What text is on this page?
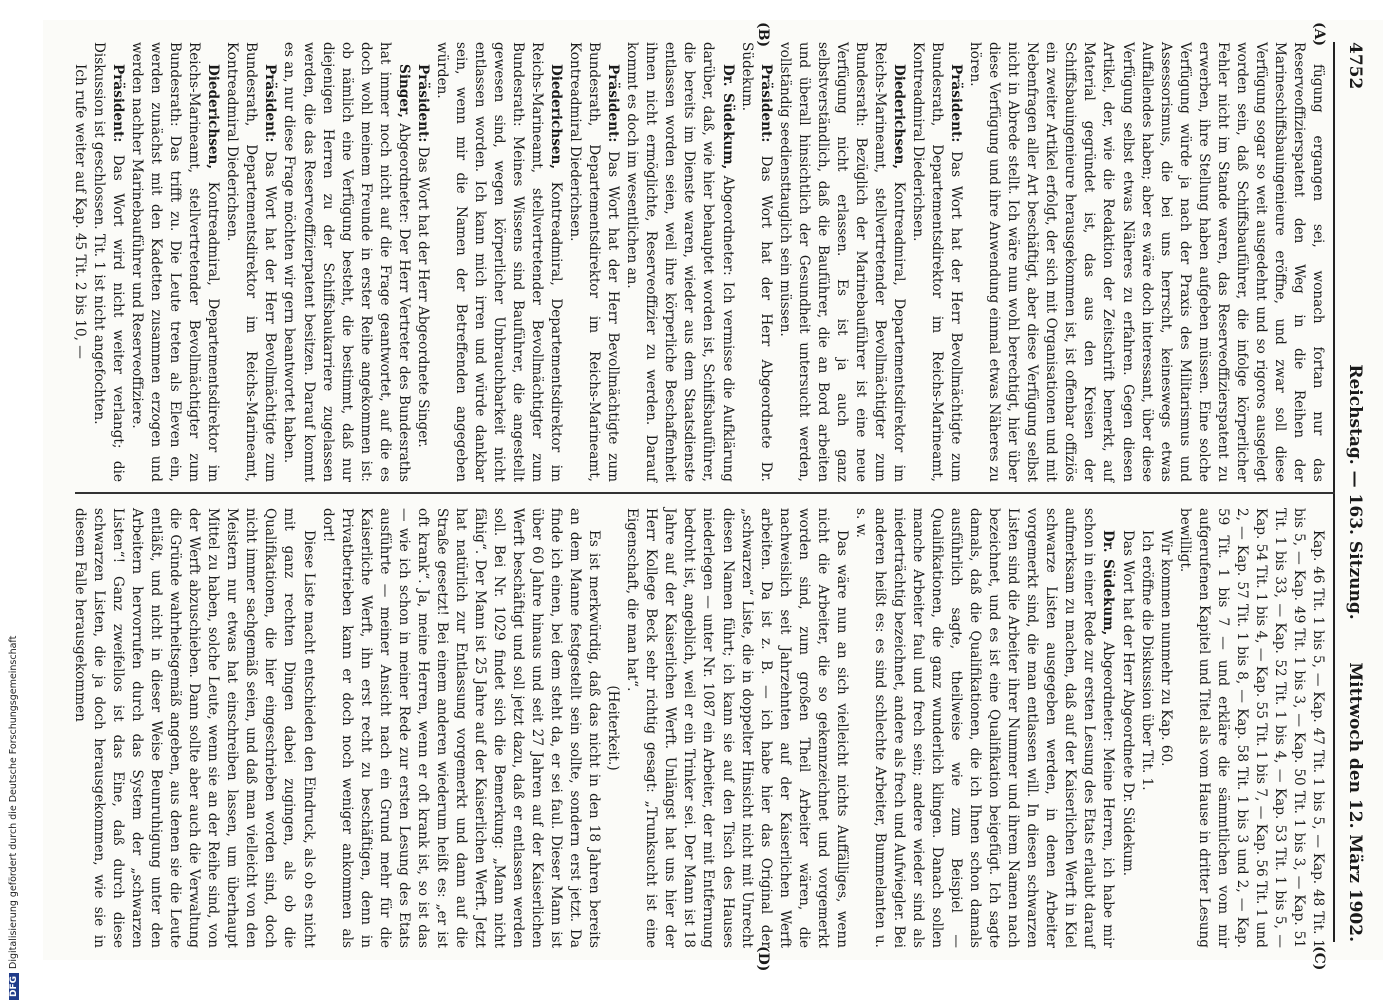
4752
Reichstag. — 163. Sitzung.
Mittwoch den 12. März 1902.
(A)
(B)
(C)
(D)

fügung ergangen sei, wonach fortan nur das Reserveoffizierspatent den Weg in die Reihen der Marineschiffsbauingenieure eröffne, und zwar soll diese Verfügung sogar so weit ausgedehnt und so rigoros ausgelegt worden sein, daß Schiffsbauführer, die infolge körperlicher Fehler nicht im Stande waren, das Reserveoffizierspatent zu erwerben, ihre Stellung haben aufgeben müssen. Eine solche Verfügung würde ja nach der Praxis des Militarismus und Assessorismus, die bei uns herrscht, keineswegs etwas Auffallendes haben; aber es wäre doch interessant, über diese Verfügung selbst etwas Näheres zu erfahren. Gegen diesen Artikel, der, wie die Redaktion der Zeitschrift bemerkt, auf Material gegründet ist, das aus den Kreisen der Schiffsbauingenieure herausgekommen ist, ist offenbar offiziös ein zweiter Artikel erfolgt, der sich mit Organisationen und mit Nebenfragen aller Art beschäftigt, aber diese Verfügung selbst nicht in Abrede stellt. Ich wäre nun wohl berechtigt, hier über diese Verfügung und ihre Anwendung einmal etwas Näheres zu hören.

Präsident: Das Wort hat der Herr Bevollmächtigte zum Bundesrath, Departementsdirektor im Reichs-Marineamt, Kontreadmiral Diederichsen.

Diederichsen, Kontreadmiral, Departementsdirektor im Reichs-Marineamt, stellvertretender Bevollmächtigter zum Bundesrath: Bezüglich der Marinebauführer ist eine neue Verfügung nicht erlassen. Es ist ja auch ganz selbstverständlich, daß die Bauführer, die an Bord arbeiten und überall hinsichtlich der Gesundheit untersucht werden, vollständig seediensttauglich sein müssen.

Präsident: Das Wort hat der Herr Abgeordnete Dr. Südekum.

Dr. Südekum, Abgeordneter: Ich vermisse die Aufklärung darüber, daß, wie hier behauptet worden ist, Schiffsbauführer, die bereits im Dienste waren, wieder aus dem Staatsdienste entlassen worden seien, weil ihre körperliche Beschaffenheit ihnen nicht ermöglichte, Reserveoffizier zu werden. Darauf kommt es doch im wesentlichen an.

Präsident: Das Wort hat der Herr Bevollmächtigte zum Bundesrath, Departementsdirektor im Reichs-Marineamt, Kontreadmiral Diederichsen.

Diederichsen, Kontreadmiral, Departementsdirektor im Reichs-Marineamt, stellvertretender Bevollmächtigter zum Bundesrath: Meines Wissens sind Bauführer, die angestellt gewesen sind, wegen körperlicher Unbrauchbarkeit nicht entlassen worden. Ich kann mich irren und würde dankbar sein, wenn mir die Namen der Betreffenden angegeben würden.

Präsident: Das Wort hat der Herr Abgeordnete Singer.

Singer, Abgeordneter: Der Herr Vertreter des Bundesraths hat immer noch nicht auf die Frage geantwortet, auf die es doch wohl meinem Freunde in erster Reihe angekommen ist: ob nämlich eine Verfügung besteht, die bestimmt, daß nur diejenigen Herren zu der Schiffsbaukarriere zugelassen werden, die das Reserveoffizierpatent besitzen. Darauf kommt es an, nur diese Frage möchten wir gern beantwortet haben.

Präsident: Das Wort hat der Herr Bevollmächtigte zum Bundesrath, Departementsdirektor im Reichs-Marineamt, Kontreadmiral Diederichsen.

Diederichsen, Kontreadmiral, Departementsdirektor im Reichs-Marineamt, stellvertretender Bevollmächtigter zum Bundesrath: Das trifft zu. Die Leute treten als Eleven ein, werden zunächst mit den Kadetten zusammen erzogen und werden nachher Marinebauführer und Reserveoffiziere.

Präsident: Das Wort wird nicht weiter verlangt; die Diskussion ist geschlossen. Tit. 1 ist nicht angefochten.

Ich rufe weiter auf Kap. 45 Tit. 2 bis 10, —

Kap. 46 Tit. 1 bis 5, — Kap. 47 Tit. 1 bis 5, — Kap. 48 Tit. 1 bis 5, — Kap. 49 Tit. 1 bis 3, — Kap. 50 Tit. 1 bis 3, — Kap. 51 Tit. 1 bis 33, — Kap. 52 Tit. 1 bis 4, — Kap. 53 Tit. 1 bis 5, — Kap. 54 Tit. 1 bis 4, — Kap. 55 Tit. 1 bis 7, — Kap. 56 Tit. 1 und 2, — Kap. 57 Tit. 1 bis 8, — Kap. 58 Tit. 1 bis 3 und 2, — Kap. 59 Tit. 1 bis 7 — und erkläre die sämmtlichen vom mir aufgerufenen Kapitel und Titel als vom Hause in dritter Lesung bewilligt.

Wir kommen nunmehr zu Kap. 60.

Ich eröffne die Diskussion über Tit. 1.

Das Wort hat der Herr Abgeordnete Dr. Südekum.

Dr. Südekum, Abgeordneter: Meine Herren, ich habe mir schon in einer Rede zur ersten Lesung des Etats erlaubt darauf aufmerksam zu machen, daß auf der Kaiserlichen Werft in Kiel schwarze Listen ausgegeben werden, in denen Arbeiter vorgemerkt sind, die man entlassen will. In diesen schwarzen Listen sind die Arbeiter ihrer Nummer und ihrem Namen nach bezeichnet, und es ist eine Qualifikation beigefügt. Ich sagte damals, daß die Qualifikationen, die ich Ihnen schon damals ausführlich sagte, theilweise wie zum Beispiel — Qualifikationen, die ganz wunderlich klingen. Danach sollen manche Arbeiter faul und frech sein; andere wieder sind als niederträchtig bezeichnet, andere als frech und Aufwiegler. Bei anderen heißt es: es sind schlechte Arbeiter, Bummelanten u. s. w.

Das wäre nun an sich vielleicht nichts Auffälliges, wenn nicht die Arbeiter, die so gekennzeichnet und vorgemerkt worden sind, zum großen Theil Arbeiter wären, die nachweislich seit Jahrzehnten auf der Kaiserlichen Werft arbeiten. Da ist z. B. — ich habe hier das Original der „schwarzen“ Liste, die in doppelter Hinsicht nicht mit Unrecht diesen Namen führt; ich kann sie auf den Tisch des Hauses niederlegen — unter Nr. 1087 ein Arbeiter, der mit Entfernung bedroht ist, angeblich, weil er ein Trinker sei. Der Mann ist 18 Jahre auf der Kaiserlichen Werft. Unlängst hat uns hier der Herr Kollege Beck sehr richtig gesagt: „Trunksucht ist eine Eigenschaft, die man hat“.

(Heiterkeit.)

Es ist merkwürdig, daß das nicht in den 18 Jahren bereits an dem Manne festgestellt sein sollte, sondern erst jetzt. Da finde ich einen, bei dem steht da, er sei faul. Dieser Mann ist über 60 Jahre hinaus und seit 27 Jahren auf der Kaiserlichen Werft beschäftigt und soll jetzt dazu, daß er entlassen werden soll. Bei Nr. 1029 findet sich die Bemerkung: „Mann nicht fähig“. Der Mann ist 25 Jahre auf der Kaiserlichen Werft. Jetzt hat natürlich zur Entlassung vorgemerkt und dann auf die Straße gesetzt! Bei einem anderen wiederum heißt es: „er ist oft krank“. Ja, meine Herren, wenn er oft krank ist, so ist das — wie ich schon in meiner Rede zur ersten Lesung des Etats ausführte — meiner Ansicht nach ein Grund mehr für die Kaiserliche Werft, ihn erst recht zu beschäftigen, denn in Privatbetrieben kann er doch noch weniger ankommen als dort!

Diese Liste macht entschieden den Eindruck, als ob es nicht mit ganz rechten Dingen dabei zugingen, als ob die Qualifikationen, die hier eingeschrieben worden sind, doch nicht immer sachgemäß seien, und daß man vielleicht von den Meistern nur etwas hat einschreiben lassen, um überhaupt Mittel zu haben, solche Leute, wenn sie an der Reihe sind, von der Werft abzuschieben. Dann sollte aber auch die Verwaltung die Gründe wahrheitsgemäß angeben, aus denen sie die Leute entläßt, und nicht in dieser Weise Beunruhigung unter den Arbeitern hervorrufen durch das System der „schwarzen Listen“! Ganz zweifellos ist das Eine, daß durch diese schwarzen Listen, die ja doch herausgekommen, wie sie in diesem Falle herausgekommen

DFGDigitalisierung gefördert durch die Deutsche Forschungsgemeinschaft
